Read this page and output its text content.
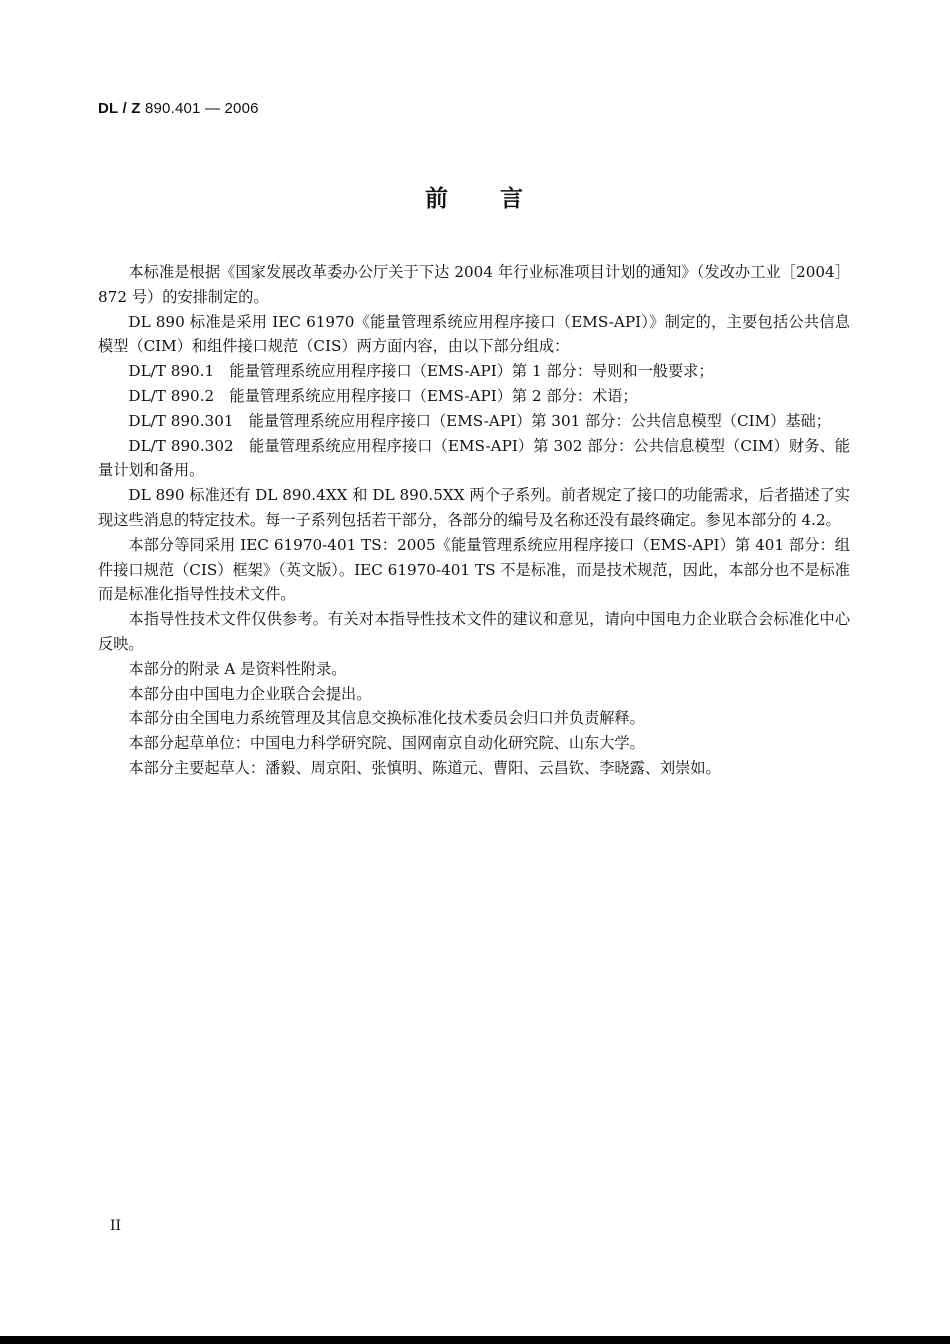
DL / Z 890.401 — 2006
前　　言

本标准是根据《国家发展改革委办公厅关于下达 2004 年行业标准项目计划的通知》（发改办工业［2004］872 号）的安排制定的。

DL 890 标准是采用 IEC 61970《能量管理系统应用程序接口（EMS-API）》制定的，主要包括公共信息模型（CIM）和组件接口规范（CIS）两方面内容，由以下部分组成：

DL/T 890.1　能量管理系统应用程序接口（EMS-API）第 1 部分：导则和一般要求；

DL/T 890.2　能量管理系统应用程序接口（EMS-API）第 2 部分：术语；

DL/T 890.301　能量管理系统应用程序接口（EMS-API）第 301 部分：公共信息模型（CIM）基础；

DL/T 890.302　能量管理系统应用程序接口（EMS-API）第 302 部分：公共信息模型（CIM）财务、能量计划和备用。

DL 890 标准还有 DL 890.4XX 和 DL 890.5XX 两个子系列。前者规定了接口的功能需求，后者描述了实现这些消息的特定技术。每一子系列包括若干部分，各部分的编号及名称还没有最终确定。参见本部分的 4.2。

本部分等同采用 IEC 61970-401 TS：2005《能量管理系统应用程序接口（EMS-API）第 401 部分：组件接口规范（CIS）框架》（英文版）。IEC 61970-401 TS 不是标准，而是技术规范，因此，本部分也不是标准而是标准化指导性技术文件。

本指导性技术文件仅供参考。有关对本指导性技术文件的建议和意见，请向中国电力企业联合会标准化中心反映。

本部分的附录 A 是资料性附录。

本部分由中国电力企业联合会提出。

本部分由全国电力系统管理及其信息交换标准化技术委员会归口并负责解释。

本部分起草单位：中国电力科学研究院、国网南京自动化研究院、山东大学。

本部分主要起草人：潘毅、周京阳、张慎明、陈道元、曹阳、云昌钦、李晓露、刘崇如。

II
